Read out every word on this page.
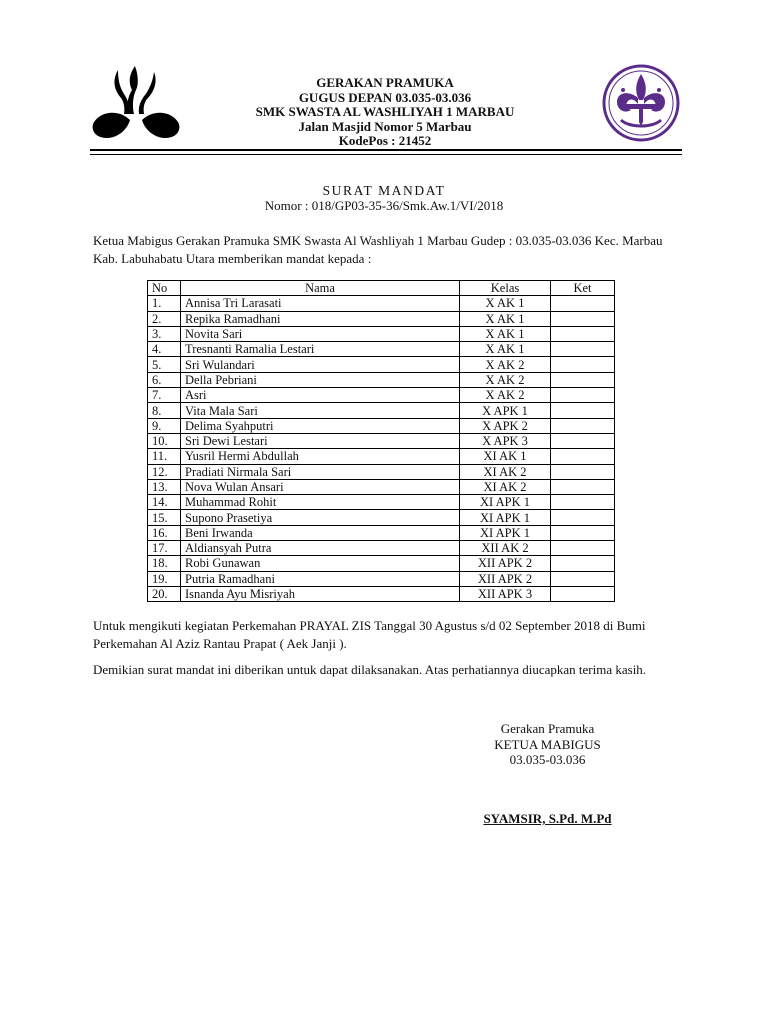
GERAKAN PRAMUKA
GUGUS DEPAN 03.035-03.036
SMK SWASTA AL WASHLIYAH 1 MARBAU
Jalan Masjid Nomor 5 Marbau
KodePos : 21452
SURAT MANDAT
Nomor : 018/GP03-35-36/Smk.Aw.1/VI/2018
Ketua Mabigus Gerakan Pramuka SMK Swasta Al Washliyah 1 Marbau Gudep : 03.035-03.036 Kec. Marbau Kab. Labuhabatu Utara memberikan mandat kepada :
No	Nama	Kelas	Ket
1.	Annisa Tri Larasati	X AK 1	
2.	Repika Ramadhani	X AK 1	
3.	Novita Sari	X AK 1	
4.	Tresnanti Ramalia Lestari	X AK 1	
5.	Sri Wulandari	X AK 2	
6.	Della Pebriani	X AK 2	
7.	Asri	X AK 2	
8.	Vita Mala Sari	X APK 1	
9.	Delima Syahputri	X APK 2	
10.	Sri Dewi Lestari	X APK 3	
11.	Yusril Hermi Abdullah	XI AK 1	
12.	Pradiati Nirmala Sari	XI AK 2	
13.	Nova Wulan Ansari	XI AK 2	
14.	Muhammad Rohit	XI APK 1	
15.	Supono Prasetiya	XI APK 1	
16.	Beni Irwanda	XI APK 1	
17.	Aldiansyah Putra	XII AK 2	
18.	Robi Gunawan	XII APK 2	
19.	Putria Ramadhani	XII APK 2	
20.	Isnanda Ayu Misriyah	XII APK 3	
Untuk mengikuti kegiatan Perkemahan PRAYAL ZIS Tanggal 30 Agustus s/d 02 September 2018 di Bumi Perkemahan Al Aziz Rantau Prapat ( Aek Janji ).
Demikian surat mandat ini diberikan untuk dapat dilaksanakan. Atas perhatiannya diucapkan terima kasih.
Gerakan Pramuka
KETUA MABIGUS
03.035-03.036
SYAMSIR, S.Pd. M.Pd
